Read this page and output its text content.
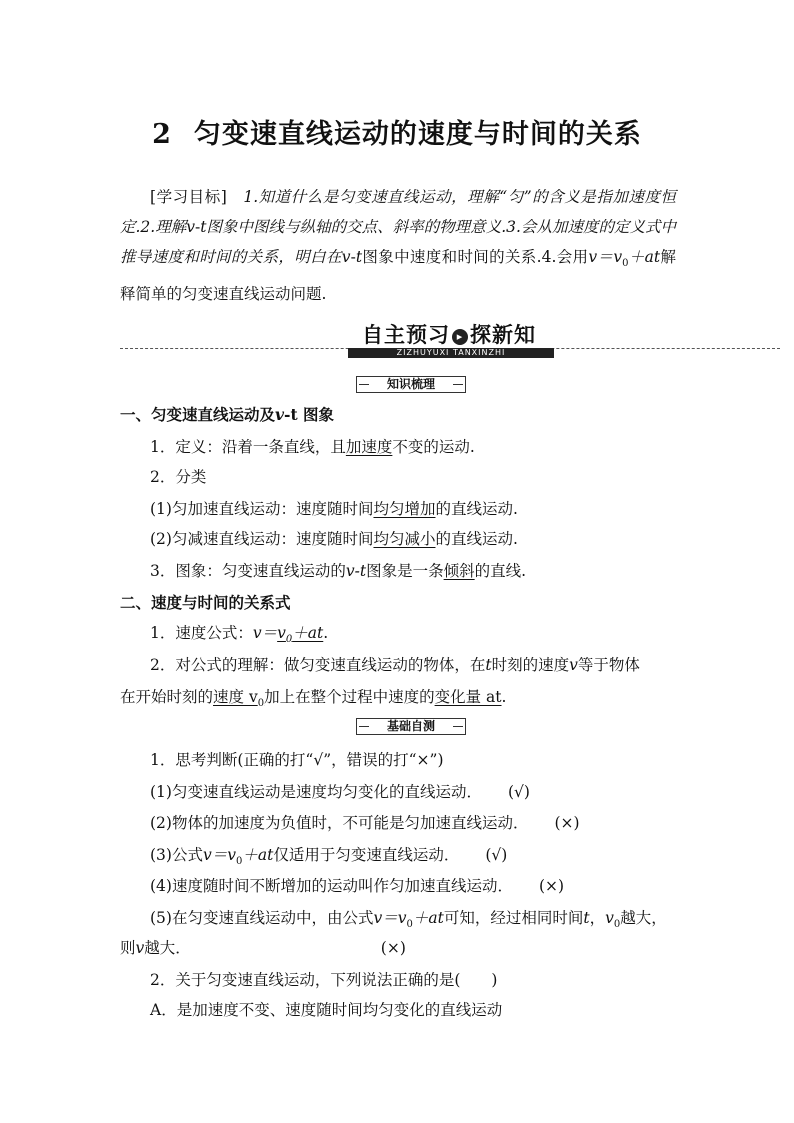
2 匀变速直线运动的速度与时间的关系
[学习目标]　 1.知道什么是匀变速直线运动，理解“匀”的含义是指加速度恒定.2.理解v-t图象中图线与纵轴的交点、斜率的物理意义.3.会从加速度的定义式中推导速度和时间的关系，明白在v-t图象中速度和时间的关系.4.会用$v=v_0+at$解释简单的匀变速直线运动问题.
自主预习 ▸ 探新知
ZIZHUYUXI TANXINZHI
知识梳理
一、匀变速直线运动及v-t 图象
1．定义：沿着一条直线，且加速度不变的运动.
2．分类
(1)匀加速直线运动：速度随时间均匀增加的直线运动.
(2)匀减速直线运动：速度随时间均匀减小的直线运动.
3．图象：匀变速直线运动的v-t图象是一条倾斜的直线.
二、速度与时间的关系式
1．速度公式：$v=v_0+at$.
2．对公式的理解：做匀变速直线运动的物体，在t时刻的速度v等于物体
在开始时刻的速度 $v_0$加上在整个过程中速度的变化量 at.
基础自测
1．思考判断(正确的打“√”，错误的打“×”)
(1)匀变速直线运动是速度均匀变化的直线运动． (√)
(2)物体的加速度为负值时，不可能是匀加速直线运动． (×)
(3)公式$v=v_0+at$仅适用于匀变速直线运动． (√)
(4)速度随时间不断增加的运动叫作匀加速直线运动． (×)
(5)在匀变速直线运动中，由公式$v=v_0+at$可知，经过相同时间t，$v_0$越大，
则v越大．	(×)
2．关于匀变速直线运动，下列说法正确的是(　　)
A．是加速度不变、速度随时间均匀变化的直线运动
